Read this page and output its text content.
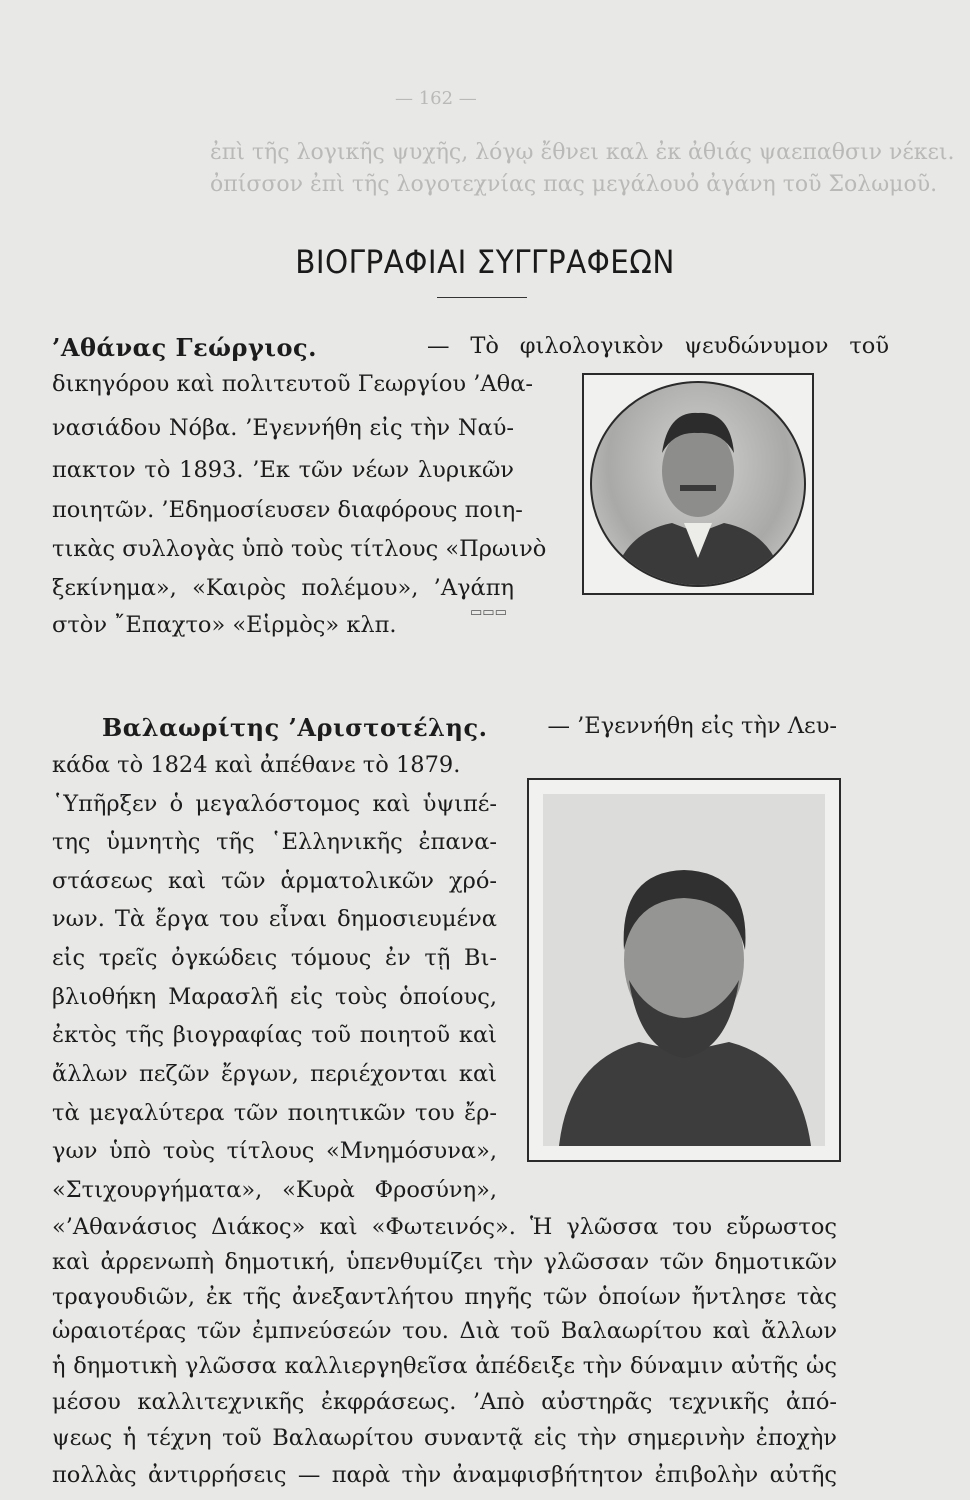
— 162 —
ἐπὶ τῆς λογικῆς ψυχῆς, λόγῳ ἔθνει καλ ἐκ ἀθιάς ψαεπαθσιν νέκει.
ὀπίσσον ἐπὶ τῆς λογοτεχνίας πας μεγάλουὀ ἀγάνη τοῦ Σολωμοῦ.
ΒΙΟΓΡΑΦΙΑΙ ΣΥΓΓΡΑΦΕΩΝ
’Αθάνας Γεώργιος.	— Τὸ φιλολογικὸν ψευδώνυμον τοῦ
δικηγόρου καὶ πολιτευτοῦ Γεωργίου ’Αθα-
νασιάδου Νόβα. ’Εγεννήθη εἰς τὴν Ναύ-
πακτον τὸ 1893. ’Εκ τῶν νέων λυρικῶν
ποιητῶν. ’Εδημοσίευσεν διαφόρους ποιη-
τικὰς συλλογὰς ὑπὸ τοὺς τίτλους «Πρωινὸ
ξεκίνημα», «Καιρὸς πολέμου», ’Αγάπη
στὸν ῎Επαχτο» «Εἱρμὸς» κλπ.	▭▭▭
Βαλαωρίτης ’Αριστοτέλης.	— ’Εγεννήθη εἰς τὴν Λευ-
κάδα τὸ 1824 καὶ ἀπέθανε τὸ 1879.
῾Υπῆρξεν ὁ μεγαλόστομος καὶ ὑψιπέ-
της ὑμνητὴς τῆς ῾Ελληνικῆς ἐπανα-
στάσεως καὶ τῶν ἁρματολικῶν χρό-
νων. Τὰ ἔργα του εἶναι δημοσιευμένα
εἰς τρεῖς ὀγκώδεις τόμους ἐν τῇ Βι-
βλιοθήκη Μαρασλῆ εἰς τοὺς ὁποίους,
ἐκτὸς τῆς βιογραφίας τοῦ ποιητοῦ καὶ
ἄλλων πεζῶν ἔργων, περιέχονται καὶ
τὰ μεγαλύτερα τῶν ποιητικῶν του ἔρ-
γων ὑπὸ τοὺς τίτλους «Μνημόσυνα»,
«Στιχουργήματα», «Κυρὰ Φροσύνη»,
«’Αθανάσιος Διάκος» καὶ «Φωτεινός». Ἡ γλῶσσα του εὔρωστος
καὶ ἀρρενωπὴ δημοτική, ὑπενθυμίζει τὴν γλῶσσαν τῶν δημοτικῶν
τραγουδιῶν, ἐκ τῆς ἀνεξαντλήτου πηγῆς τῶν ὁποίων ἤντλησε τὰς
ὡραιοτέρας τῶν ἐμπνεύσεών του. Διὰ τοῦ Βαλαωρίτου καὶ ἄλλων
ἡ δημοτικὴ γλῶσσα καλλιεργηθεῖσα ἀπέδειξε τὴν δύναμιν αὐτῆς ὡς
μέσου καλλιτεχνικῆς ἐκφράσεως. ’Απὸ αὐστηρᾶς τεχνικῆς ἀπό-
ψεως ἡ τέχνη τοῦ Βαλαωρίτου συναντᾷ εἰς τὴν σημερινὴν ἐποχὴν
πολλὰς ἀντιρρήσεις — παρὰ τὴν ἀναμφισβήτητον ἐπιβολὴν αὐτῆς
